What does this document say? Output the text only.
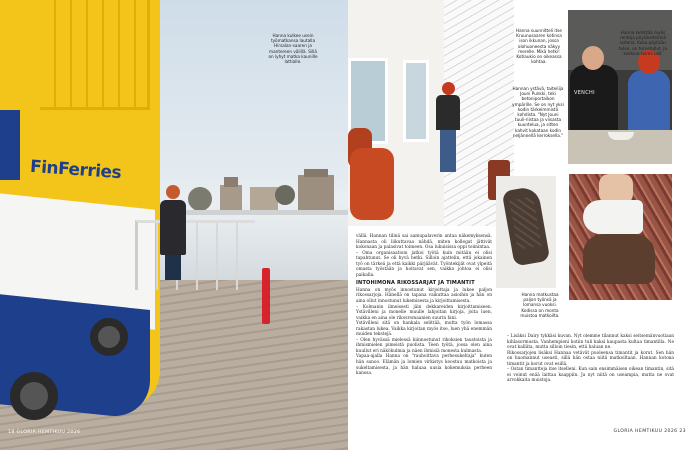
FinFerries
Hanna kulkee usein työmatkansa lautalla Hirsalan-saaren ja mantereen välillä. Sillä on lyhyt matka kaunille lattialle.
18 GLORIA HEMTIKUU 2026
Hanna suunnitteli itse Kruunusaaren kotinsa ison ikkunan, jossa olohuoneesta näkyy merelle. Mikä hetki! Kotiaukio on oikeassa kohtaa.
Hannan ystävä, taiteilija Jouni Punkki, teki betoniportaikon ympärille. Se on nyt yksi kodin tärkeimmistä kohdista. "Nyt Jouni tuuli-riistaa ja viisasta kuuntelua, ja sitten kahvit kokataan kodin neljännellä kerroksella."
VENCHI
Hanna kehittää myös rentoja pöytäsetelmiä kotona. Kuka pöytään tulee, on tervetullut. Ja kokkina toimii Leif.
Hanna matkustaa paljon työnsä ja lomansa vuoksi. Kodissa on monta muistoa matkoilta.

vällä. Hannan tilinä sai aamupalaverin antaa näkemyksensä. Hannasta oli liikuttavaa nähdä, miten kollegat jättivät kokonaan ja palasivat toimeen. Osa lukuisissa oppi toimintaa.

– Oma organisaationi jatkoi työtä kuin mitään ei olisi tapahtunut. Se oli hyvä hetki. Silloin ajattelin, että jokainen työ on tärkeä ja että kaikki pärjäävät. Työntekijät ovat ylpeitä omasta työstään ja hoitavat sen, vaikka johtoa ei olisi paikalla.

INTOHIMONA RIKOSSARJAT JA TIMANTIT

Hanna on myös innostunut kirjoittaja ja lukee paljon rikossarjoja. Hänellä on tapana vaikuttaa asioihin ja hän on aina ollut innostunut lukemisesta ja kirjoittamisesta.

– Kolmanin ilmeisesti jäin dekkareiden kirjoittamiseen. Ystävilleni ja monelle muulle lahjoitan kirjoja, joita luen, vaikka en aina ole rikosromaanien suurin fani.

Ystävilleni sitä on hankala selittää, mutta työn lomassa rakastan lukea. Vaikka kirjoitan myös itse, luen yhä enemmän muiden tekstejä.

– Olen hyvässä mielessä kiinnostunut rikoksien taustoista ja ihmismielen pimeistä puolista. Teen työtä, jossa olen aina kuullut eri näkökulmia ja näen ihmisiä monesta kulmasta.

Vapaa-ajalla Hanna on "rauhoittava perhesukeltaja" kuten hän sanoo. Elämän ja lomien virkistys koostuu matkoista ja sukeltamisesta, ja hän haluaa uusia kokemuksia perheen kanssa.

– Lisäksi Dairy tykkäsi kuvan. Nyt olemme tilannut kaksi seitsemänvuotiaan kihlasormusta. Vanhempieni kotiin tuli kaksi kaupasta kultaa timantilla. Ne ovat kalliita, mutta silloin tiesin, että haluan ne.

Rikossarjojen lisäksi Hannaa vetävät puoleensa timantit ja korut. Sen hän on huomannut useasti, sillä hän ostaa niitä matkoiltaan. Hannan kotona timantit ja korut ovat esillä.

– Ostan timantteja itse itselleni. Kun sain ensimmäisen oikean timantin, sitä ei voinut enää laittaa kaappiin. Ja nyt niitä on useampia, mutta ne ovat arvokkaita muistoja.

GLORIA HEMTIKUU 2026 23
